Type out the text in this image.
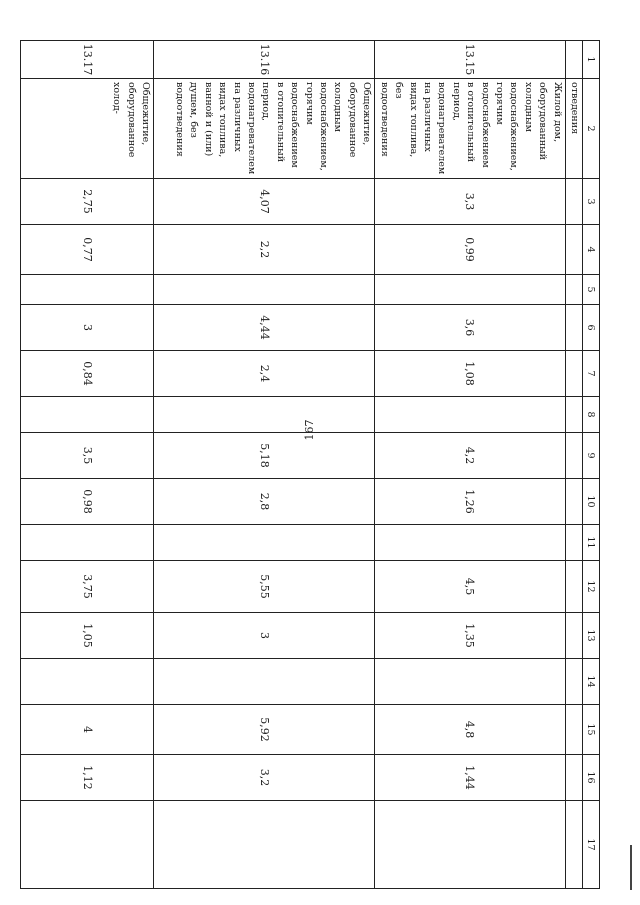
167
1	2	3	4	5	6	7	8	9	10	11	12	13	14	15	16	17
	отведения															
13.15	Жилой дом, оборудованный холодным водоснабжением, горячим водоснабжением в отопительный период, водонагревателем на различных видах топлива, без водоотведения	3,3	0,99		3,6	1,08		4,2	1,26		4,5	1,35		4,8	1,44	
13.16	Общежитие, оборудованное холодным водоснабжением, горячим водоснабжением в отопительный период, водонагревателем на различных видах топлива, ванной и (или) душем, без водоотведения	4,07	2,2		4,44	2,4		5,18	2,8		5,55	3		5,92	3,2	
13.17	Общежитие, оборудованное холод-	2,75	0,77		3	0,84		3,5	0,98		3,75	1,05		4	1,12	
